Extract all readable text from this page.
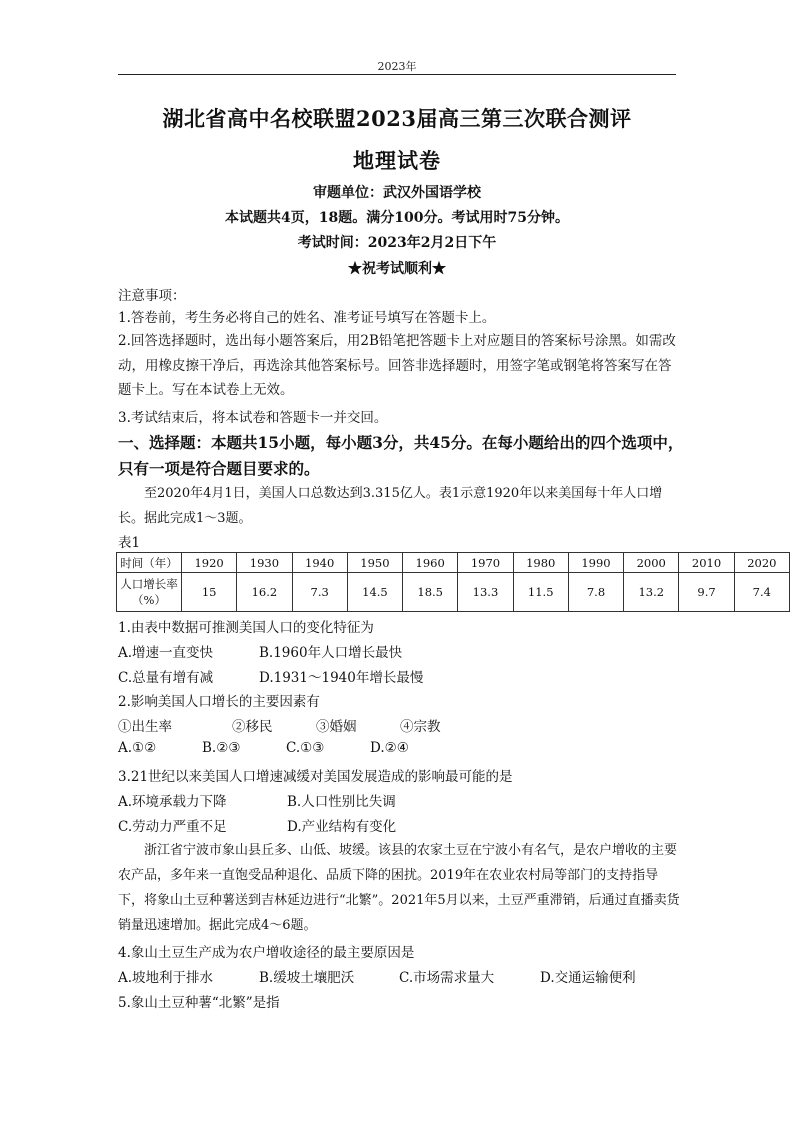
2023年
湖北省高中名校联盟2023届高三第三次联合测评
地理试卷
审题单位：武汉外国语学校
本试题共4页，18题。满分100分。考试用时75分钟。
考试时间：2023年2月2日下午
★祝考试顺利★
注意事项：
1.答卷前，考生务必将自己的姓名、准考证号填写在答题卡上。
2.回答选择题时，选出每小题答案后，用2B铅笔把答题卡上对应题目的答案标号涂黑。如需改动，用橡皮擦干净后，再选涂其他答案标号。回答非选择题时，用签字笔或钢笔将答案写在答题卡上。写在本试卷上无效。
3.考试结束后，将本试卷和答题卡一并交回。
一、选择题：本题共15小题，每小题3分，共45分。在每小题给出的四个选项中，只有一项是符合题目要求的。
至2020年4月1日，美国人口总数达到3.315亿人。表1示意1920年以来美国每十年人口增长。据此完成1～3题。
表1
时间（年）	1920	1930	1940	1950	1960	1970	1980	1990	2000	2010	2020
人口增长率（%）	15	16.2	7.3	14.5	18.5	13.3	11.5	7.8	13.2	9.7	7.4
1.由表中数据可推测美国人口的变化特征为
A.增速一直变快	B.1960年人口增长最快
C.总量有增有减	D.1931～1940年增长最慢
2.影响美国人口增长的主要因素有
①出生率	②移民	③婚姻	④宗教
A.①②	B.②③	C.①③	D.②④
3.21世纪以来美国人口增速减缓对美国发展造成的影响最可能的是
A.环境承载力下降	B.人口性别比失调
C.劳动力严重不足	D.产业结构有变化
浙江省宁波市象山县丘多、山低、坡缓。该县的农家土豆在宁波小有名气，是农户增收的主要农产品，多年来一直饱受品种退化、品质下降的困扰。2019年在农业农村局等部门的支持指导下，将象山土豆种薯送到吉林延边进行“北繁”。2021年5月以来，土豆严重滞销，后通过直播卖货销量迅速增加。据此完成4～6题。
4.象山土豆生产成为农户增收途径的最主要原因是
A.坡地利于排水	B.缓坡土壤肥沃	C.市场需求量大	D.交通运输便利
5.象山土豆种薯“北繁”是指
